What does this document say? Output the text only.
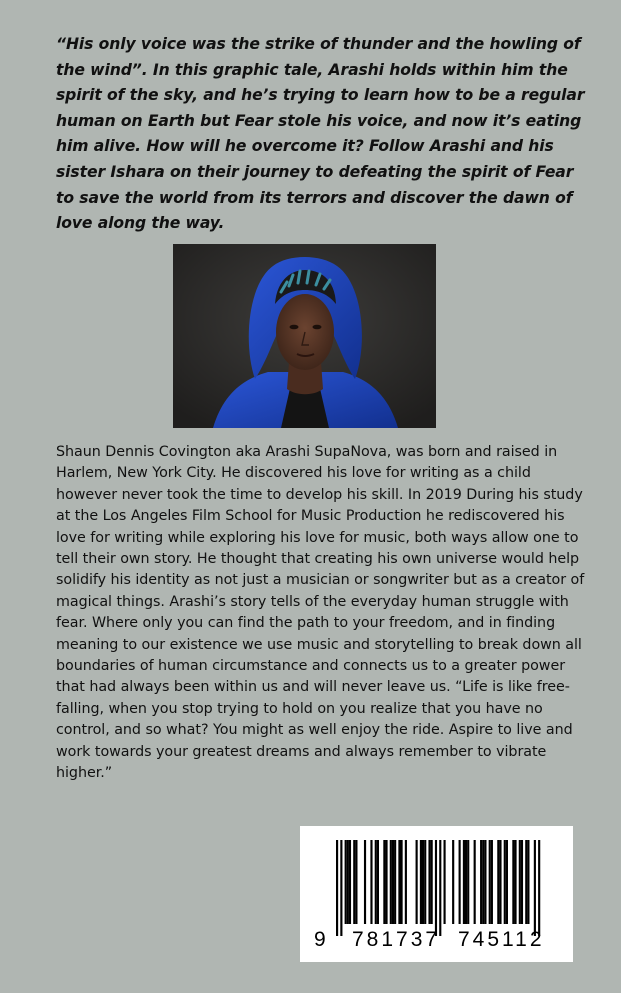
“His only voice was the strike of thunder and the howling of the wind”. In this graphic tale, Arashi holds within him the spirit of the sky, and he’s trying to learn how to be a regular human on Earth but Fear stole his voice, and now it’s eating him alive. How will he overcome it? Follow Arashi and his sister Ishara on their journey to defeating the spirit of Fear to save the world from its terrors and discover the dawn of love along the way.

Shaun Dennis Covington aka Arashi SupaNova, was born and raised in Harlem, New York City. He discovered his love for writing as a child however never took the time to develop his skill. In 2019 During his study at the Los Angeles Film School for Music Production he rediscovered his love for writing while exploring his love for music, both ways allow one to tell their own story. He thought that creating his own universe would help solidify his identity as not just a musician or songwriter but as a creator of magical things. Arashi’s story tells of the everyday human struggle with fear. Where only you can find the path to your freedom, and in finding meaning to our existence we use music and storytelling to break down all boundaries of human circumstance and connects us to a greater power that had always been within us and will never leave us. “Life is like free-falling, when you stop trying to hold on you realize that you have no control, and so what? You might as well enjoy the ride. Aspire to live and work towards your greatest dreams and always remember to vibrate higher.”

9 781737 745112
